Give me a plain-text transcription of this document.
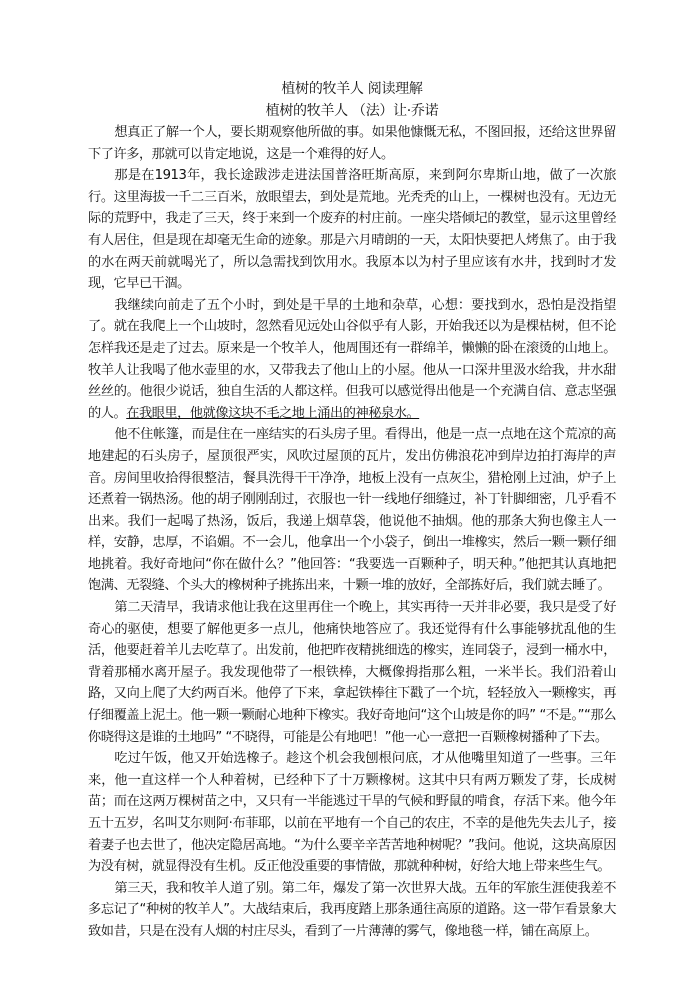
植树的牧羊人 阅读理解

植树的牧羊人 （法）让·乔诺

想真正了解一个人，要长期观察他所做的事。如果他慷慨无私，不图回报，还给这世界留下了许多，那就可以肯定地说，这是一个难得的好人。

那是在1913年，我长途跋涉走进法国普洛旺斯高原，来到阿尔卑斯山地，做了一次旅行。这里海拔一千二三百米，放眼望去，到处是荒地。光秃秃的山上，一棵树也没有。无边无际的荒野中，我走了三天，终于来到一个废弃的村庄前。一座尖塔倾圮的教堂，显示这里曾经有人居住，但是现在却毫无生命的迹象。那是六月晴朗的一天，太阳快要把人烤焦了。由于我的水在两天前就喝光了，所以急需找到饮用水。我原本以为村子里应该有水井，找到时才发现，它早已干涸。

我继续向前走了五个小时，到处是干旱的土地和杂草，心想：要找到水，恐怕是没指望了。就在我爬上一个山坡时，忽然看见远处山谷似乎有人影，开始我还以为是棵枯树，但不论怎样我还是走了过去。原来是一个牧羊人，他周围还有一群绵羊，懒懒的卧在滚烫的山地上。牧羊人让我喝了他水壶里的水，又带我去了他山上的小屋。他从一口深井里汲水给我，井水甜丝丝的。他很少说话，独自生活的人都这样。但我可以感觉得出他是一个充满自信、意志坚强的人。在我眼里，他就像这块不毛之地上涌出的神秘泉水。

他不住帐篷，而是住在一座结实的石头房子里。看得出，他是一点一点地在这个荒凉的高地建起的石头房子，屋顶很严实，风吹过屋顶的瓦片，发出仿佛浪花冲到岸边拍打海岸的声音。房间里收拾得很整洁，餐具洗得干干净净，地板上没有一点灰尘，猎枪刚上过油，炉子上还煮着一锅热汤。他的胡子刚刚刮过，衣服也一针一线地仔细缝过，补丁针脚细密，几乎看不出来。我们一起喝了热汤，饭后，我递上烟草袋，他说他不抽烟。他的那条大狗也像主人一样，安静，忠厚，不谄媚。不一会儿，他拿出一个小袋子，倒出一堆橡实，然后一颗一颗仔细地挑着。我好奇地问“你在做什么？”他回答：“我要选一百颗种子，明天种。”他把其认真地把饱满、无裂缝、个头大的橡树种子挑拣出来，十颗一堆的放好，全部拣好后，我们就去睡了。

第二天清早，我请求他让我在这里再住一个晚上，其实再待一天并非必要，我只是受了好奇心的驱使，想要了解他更多一点儿，他痛快地答应了。我还觉得有什么事能够扰乱他的生活，他要赶着羊儿去吃草了。出发前，他把昨夜精挑细选的橡实，连同袋子，浸到一桶水中，背着那桶水离开屋子。我发现他带了一根铁棒，大概像拇指那么粗，一米半长。我们沿着山路，又向上爬了大约两百米。他停了下来，拿起铁棒往下戳了一个坑，轻轻放入一颗橡实，再仔细覆盖上泥土。他一颗一颗耐心地种下橡实。我好奇地问“这个山坡是你的吗” “不是。”“那么你晓得这是谁的土地吗” “不晓得，可能是公有地吧！”他一心一意把一百颗橡树播种了下去。

吃过午饭，他又开始选橡子。趁这个机会我刨根问底，才从他嘴里知道了一些事。三年来，他一直这样一个人种着树，已经种下了十万颗橡树。这其中只有两万颗发了芽，长成树苗；而在这两万棵树苗之中，又只有一半能逃过干旱的气候和野鼠的啃食，存活下来。他今年五十五岁，名叫艾尔则阿·布菲耶，以前在平地有一个自己的农庄，不幸的是他先失去儿子，接着妻子也去世了，他决定隐居高地。“为什么要辛辛苦苦地种树呢？”我问。他说，这块高原因为没有树，就显得没有生机。反正他没重要的事情做，那就种种树，好给大地上带来些生气。

第三天，我和牧羊人道了别。第二年，爆发了第一次世界大战。五年的军旅生涯使我差不多忘记了“种树的牧羊人”。大战结束后，我再度踏上那条通往高原的道路。这一带乍看景象大致如昔，只是在没有人烟的村庄尽头，看到了一片薄薄的雾气，像地毯一样，铺在高原上。
